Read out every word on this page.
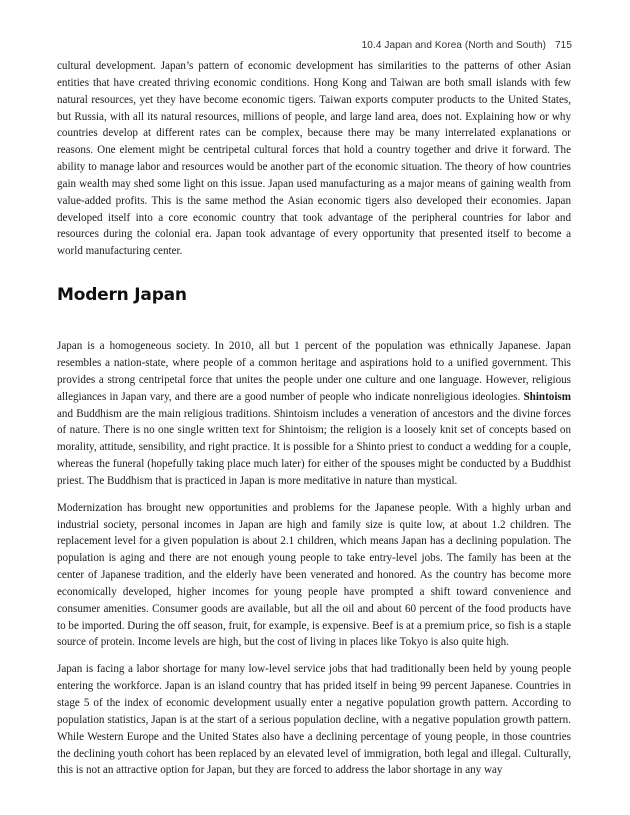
10.4 Japan and Korea (North and South) 715

cultural development. Japan’s pattern of economic development has similarities to the patterns of other Asian entities that have created thriving economic conditions. Hong Kong and Taiwan are both small islands with few natural resources, yet they have become economic tigers. Taiwan exports computer products to the United States, but Russia, with all its natural resources, millions of people, and large land area, does not. Explaining how or why countries develop at different rates can be complex, because there may be many interrelated explanations or reasons. One element might be centripetal cultural forces that hold a country together and drive it forward. The ability to manage labor and resources would be another part of the economic situation. The theory of how countries gain wealth may shed some light on this issue. Japan used manufacturing as a major means of gaining wealth from value-added profits. This is the same method the Asian economic tigers also developed their economies. Japan developed itself into a core economic country that took advantage of the peripheral countries for labor and resources during the colonial era. Japan took advantage of every opportunity that presented itself to become a world manufacturing center.

Modern Japan

Japan is a homogeneous society. In 2010, all but 1 percent of the population was ethnically Japanese. Japan resembles a nation-state, where people of a common heritage and aspirations hold to a unified government. This provides a strong centripetal force that unites the people under one culture and one language. However, religious allegiances in Japan vary, and there are a good number of people who indicate nonreligious ideologies. Shintoism and Buddhism are the main religious traditions. Shintoism includes a veneration of ancestors and the divine forces of nature. There is no one single written text for Shintoism; the religion is a loosely knit set of concepts based on morality, attitude, sensibility, and right practice. It is possible for a Shinto priest to conduct a wedding for a couple, whereas the funeral (hopefully taking place much later) for either of the spouses might be conducted by a Buddhist priest. The Buddhism that is practiced in Japan is more meditative in nature than mystical.

Modernization has brought new opportunities and problems for the Japanese people. With a highly urban and industrial society, personal incomes in Japan are high and family size is quite low, at about 1.2 children. The replacement level for a given population is about 2.1 children, which means Japan has a declining population. The population is aging and there are not enough young people to take entry-level jobs. The family has been at the center of Japanese tradition, and the elderly have been venerated and honored. As the country has become more economically developed, higher incomes for young people have prompted a shift toward convenience and consumer amenities. Consumer goods are available, but all the oil and about 60 percent of the food products have to be imported. During the off season, fruit, for example, is expensive. Beef is at a premium price, so fish is a staple source of protein. Income levels are high, but the cost of living in places like Tokyo is also quite high.

Japan is facing a labor shortage for many low-level service jobs that had traditionally been held by young people entering the workforce. Japan is an island country that has prided itself in being 99 percent Japanese. Countries in stage 5 of the index of economic development usually enter a negative population growth pattern. According to population statistics, Japan is at the start of a serious population decline, with a negative population growth pattern. While Western Europe and the United States also have a declining percentage of young people, in those countries the declining youth cohort has been replaced by an elevated level of immigration, both legal and illegal. Culturally, this is not an attractive option for Japan, but they are forced to address the labor shortage in any way
